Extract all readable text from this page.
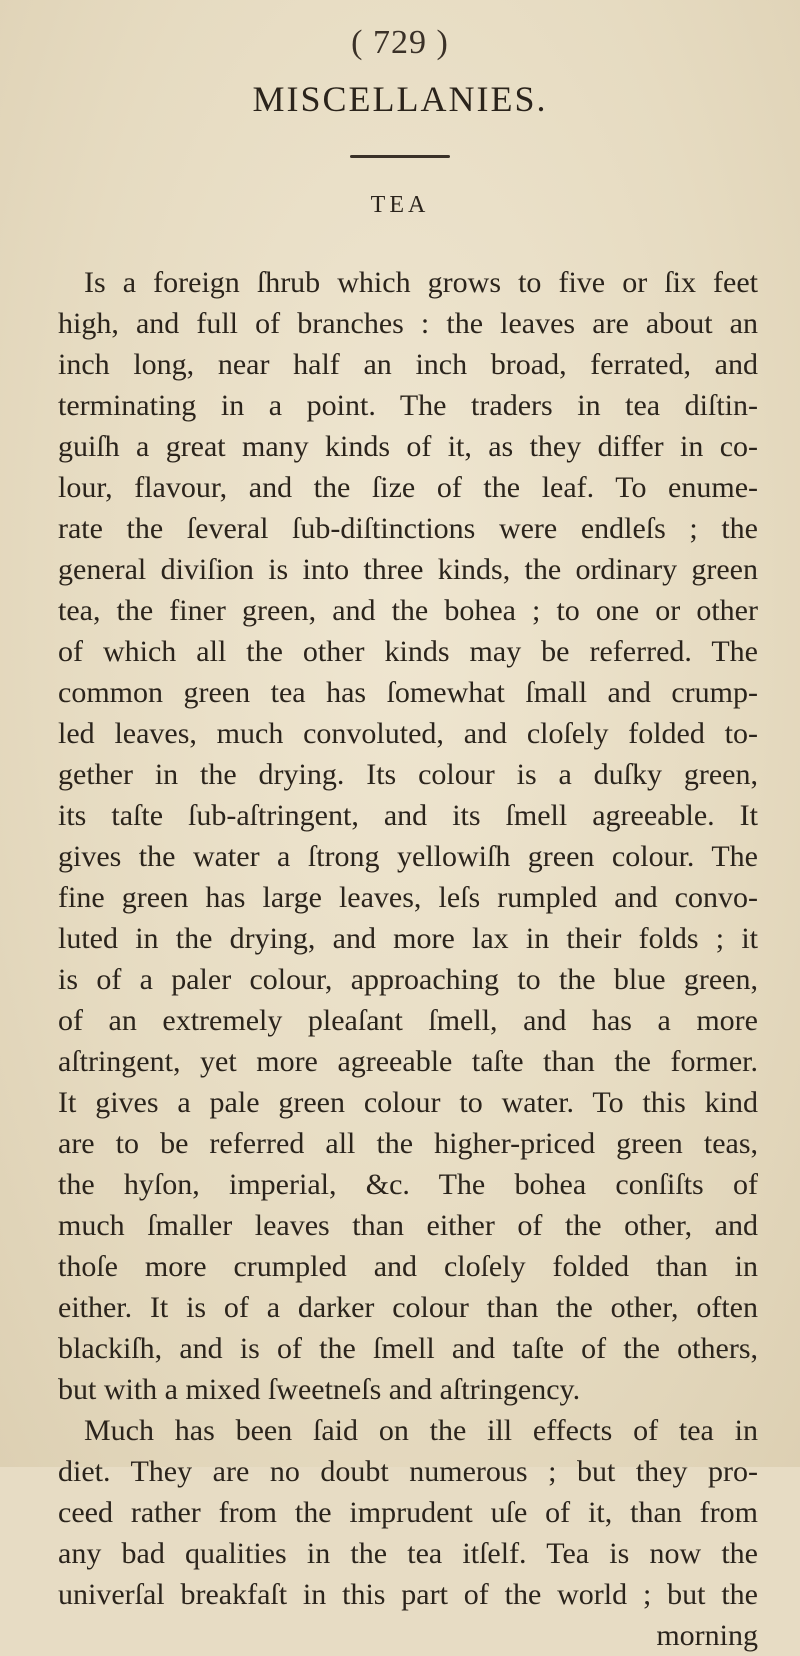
( 729 )
MISCELLANIES.
TEA
Is a foreign ſhrub which grows to five or ſix feet
high, and full of branches : the leaves are about an
inch long, near half an inch broad, ferrated, and
terminating in a point. The traders in tea diſtin-
guiſh a great many kinds of it, as they differ in co-
lour, flavour, and the ſize of the leaf. To enume-
rate the ſeveral ſub-diſtinctions were endleſs ; the
general diviſion is into three kinds, the ordinary green
tea, the finer green, and the bohea ; to one or other
of which all the other kinds may be referred. The
common green tea has ſomewhat ſmall and crump-
led leaves, much convoluted, and cloſely folded to-
gether in the drying. Its colour is a duſky green,
its taſte ſub-aſtringent, and its ſmell agreeable. It
gives the water a ſtrong yellowiſh green colour. The
fine green has large leaves, leſs rumpled and convo-
luted in the drying, and more lax in their folds ; it
is of a paler colour, approaching to the blue green,
of an extremely pleaſant ſmell, and has a more
aſtringent, yet more agreeable taſte than the former.
It gives a pale green colour to water. To this kind
are to be referred all the higher-priced green teas,
the hyſon, imperial, &c. The bohea conſiſts of
much ſmaller leaves than either of the other, and
thoſe more crumpled and cloſely folded than in
either. It is of a darker colour than the other, often
blackiſh, and is of the ſmell and taſte of the others,
but with a mixed ſweetneſs and aſtringency.
Much has been ſaid on the ill effects of tea in
diet. They are no doubt numerous ; but they pro-
ceed rather from the imprudent uſe of it, than from
any bad qualities in the tea itſelf. Tea is now the
univerſal breakfaſt in this part of the world ; but the
morning
